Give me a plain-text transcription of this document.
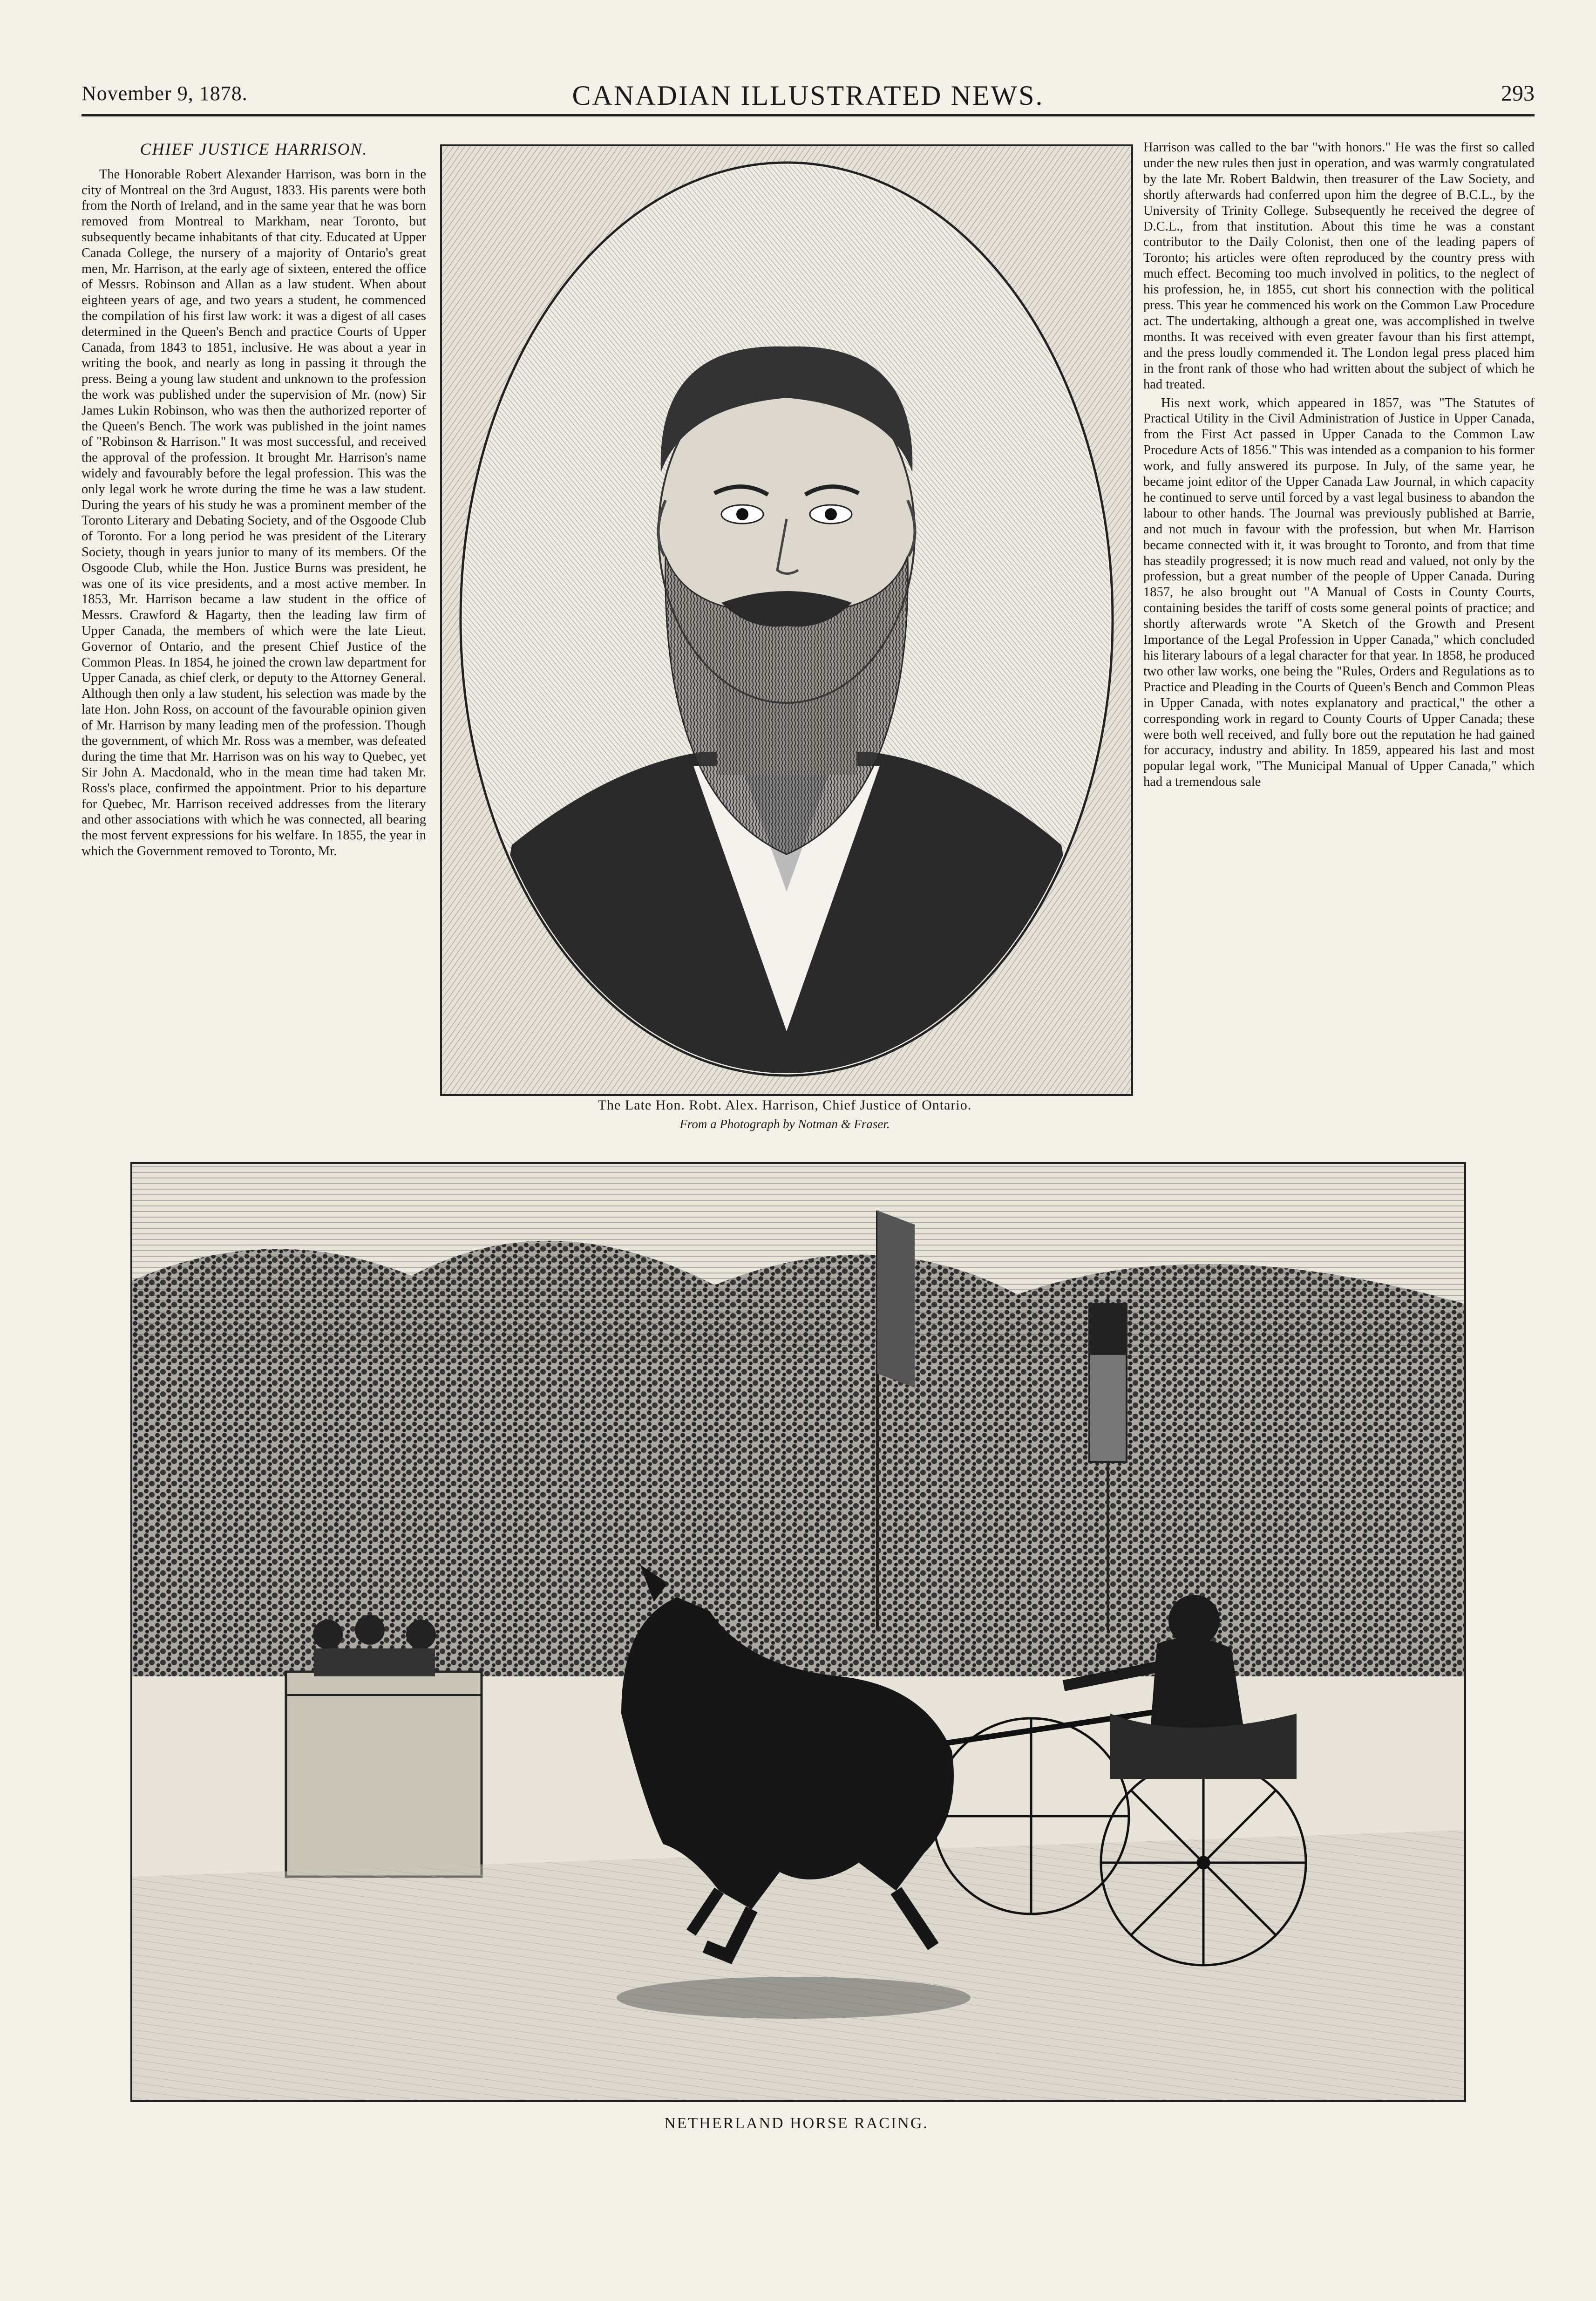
November 9, 1878.	CANADIAN ILLUSTRATED NEWS.	293
CHIEF JUSTICE HARRISON.

The Honorable Robert Alexander Harrison, was born in the city of Montreal on the 3rd August, 1833. His parents were both from the North of Ireland, and in the same year that he was born removed from Montreal to Markham, near Toronto, but subsequently became inhabitants of that city. Educated at Upper Canada College, the nursery of a majority of Ontario's great men, Mr. Harrison, at the early age of sixteen, entered the office of Messrs. Robinson and Allan as a law student. When about eighteen years of age, and two years a student, he commenced the compilation of his first law work: it was a digest of all cases determined in the Queen's Bench and practice Courts of Upper Canada, from 1843 to 1851, inclusive. He was about a year in writing the book, and nearly as long in passing it through the press. Being a young law student and unknown to the profession the work was published under the supervision of Mr. (now) Sir James Lukin Robinson, who was then the authorized reporter of the Queen's Bench. The work was published in the joint names of "Robinson & Harrison." It was most successful, and received the approval of the profession. It brought Mr. Harrison's name widely and favourably before the legal profession. This was the only legal work he wrote during the time he was a law student. During the years of his study he was a prominent member of the Toronto Literary and Debating Society, and of the Osgoode Club of Toronto. For a long period he was president of the Literary Society, though in years junior to many of its members. Of the Osgoode Club, while the Hon. Justice Burns was president, he was one of its vice presidents, and a most active member. In 1853, Mr. Harrison became a law student in the office of Messrs. Crawford & Hagarty, then the leading law firm of Upper Canada, the members of which were the late Lieut. Governor of Ontario, and the present Chief Justice of the Common Pleas. In 1854, he joined the crown law department for Upper Canada, as chief clerk, or deputy to the Attorney General. Although then only a law student, his selection was made by the late Hon. John Ross, on account of the favourable opinion given of Mr. Harrison by many leading men of the profession. Though the government, of which Mr. Ross was a member, was defeated during the time that Mr. Harrison was on his way to Quebec, yet Sir John A. Macdonald, who in the mean time had taken Mr. Ross's place, confirmed the appointment. Prior to his departure for Quebec, Mr. Harrison received addresses from the literary and other associations with which he was connected, all bearing the most fervent expressions for his welfare. In 1855, the year in which the Government removed to Toronto, Mr.

The Late Hon. Robt. Alex. Harrison, Chief Justice of Ontario.
From a Photograph by Notman & Fraser.

Harrison was called to the bar "with honors." He was the first so called under the new rules then just in operation, and was warmly congratulated by the late Mr. Robert Baldwin, then treasurer of the Law Society, and shortly afterwards had conferred upon him the degree of B.C.L., by the University of Trinity College. Subsequently he received the degree of D.C.L., from that institution. About this time he was a constant contributor to the Daily Colonist, then one of the leading papers of Toronto; his articles were often reproduced by the country press with much effect. Becoming too much involved in politics, to the neglect of his profession, he, in 1855, cut short his connection with the political press. This year he commenced his work on the Common Law Procedure act. The undertaking, although a great one, was accomplished in twelve months. It was received with even greater favour than his first attempt, and the press loudly commended it. The London legal press placed him in the front rank of those who had written about the subject of which he had treated.

His next work, which appeared in 1857, was "The Statutes of Practical Utility in the Civil Administration of Justice in Upper Canada, from the First Act passed in Upper Canada to the Common Law Procedure Acts of 1856." This was intended as a companion to his former work, and fully answered its purpose. In July, of the same year, he became joint editor of the Upper Canada Law Journal, in which capacity he continued to serve until forced by a vast legal business to abandon the labour to other hands. The Journal was previously published at Barrie, and not much in favour with the profession, but when Mr. Harrison became connected with it, it was brought to Toronto, and from that time has steadily progressed; it is now much read and valued, not only by the profession, but a great number of the people of Upper Canada. During 1857, he also brought out "A Manual of Costs in County Courts, containing besides the tariff of costs some general points of practice; and shortly afterwards wrote "A Sketch of the Growth and Present Importance of the Legal Profession in Upper Canada," which concluded his literary labours of a legal character for that year. In 1858, he produced two other law works, one being the "Rules, Orders and Regulations as to Practice and Pleading in the Courts of Queen's Bench and Common Pleas in Upper Canada, with notes explanatory and practical," the other a corresponding work in regard to County Courts of Upper Canada; these were both well received, and fully bore out the reputation he had gained for accuracy, industry and ability. In 1859, appeared his last and most popular legal work, "The Municipal Manual of Upper Canada," which had a tremendous sale

NETHERLAND HORSE RACING.
